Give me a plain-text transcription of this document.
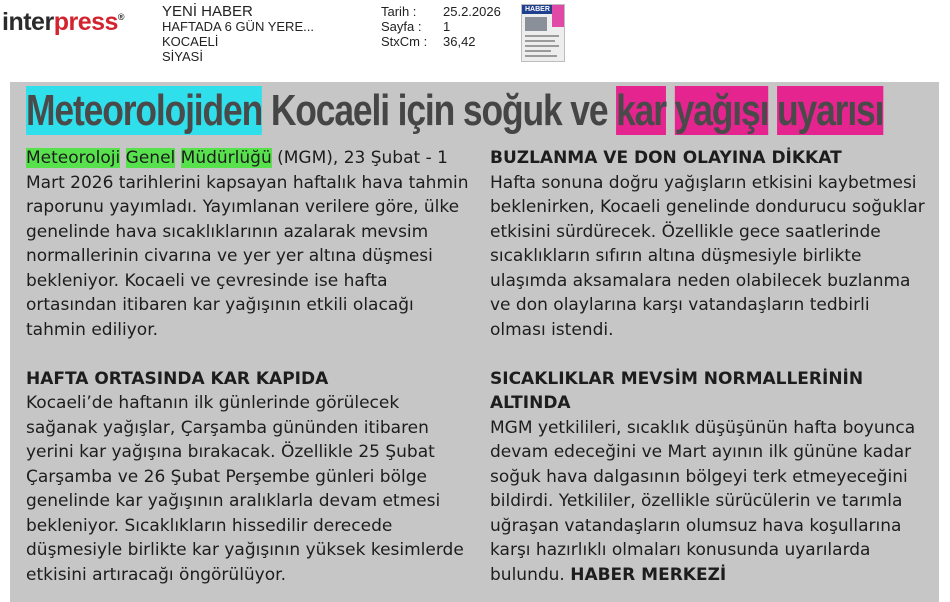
interpress®	YENİ HABER
HAFTADA 6 GÜN YERE...
KOCAELİ
SİYASİ
Tarih :	25.2.2026
Sayfa :	1
StxCm :	36,42
HABER
Meteorolojiden Kocaeli için soğuk ve kar yağışı uyarısı

Meteoroloji Genel Müdürlüğü (MGM), 23 Şubat - 1 Mart 2026 tarihlerini kapsayan haftalık hava tahmin raporunu yayımladı. Yayımlanan verilere göre, ülke genelinde hava sıcaklıklarının azalarak mevsim normallerinin civarına ve yer yer altına düşmesi bekleniyor. Kocaeli ve çevresinde ise hafta ortasından itibaren kar yağışının etkili olacağı tahmin ediliyor.

HAFTA ORTASINDA KAR KAPIDA

Kocaeli’de haftanın ilk günlerinde görülecek sağanak yağışlar, Çarşamba gününden itibaren yerini kar yağışına bırakacak. Özellikle 25 Şubat Çarşamba ve 26 Şubat Perşembe günleri bölge genelinde kar yağışının aralıklarla devam etmesi bekleniyor. Sıcaklıkların hissedilir derecede düşmesiyle birlikte kar yağışının yüksek kesimlerde etkisini artıracağı öngörülüyor.

BUZLANMA VE DON OLAYINA DİKKAT

Hafta sonuna doğru yağışların etkisini kaybetmesi beklenirken, Kocaeli genelinde dondurucu soğuklar etkisini sürdürecek. Özellikle gece saatlerinde sıcaklıkların sıfırın altına düşmesiyle birlikte ulaşımda aksamalara neden olabilecek buzlanma ve don olaylarına karşı vatandaşların tedbirli olması istendi.

SICAKLIKLAR MEVSİM NORMALLERİNİN ALTINDA

MGM yetkilileri, sıcaklık düşüşünün hafta boyunca devam edeceğini ve Mart ayının ilk gününe kadar soğuk hava dalgasının bölgeyi terk etmeyeceğini bildirdi. Yetkililer, özellikle sürücülerin ve tarımla uğraşan vatandaşların olumsuz hava koşullarına karşı hazırlıklı olmaları konusunda uyarılarda bulundu. HABER MERKEZİ
